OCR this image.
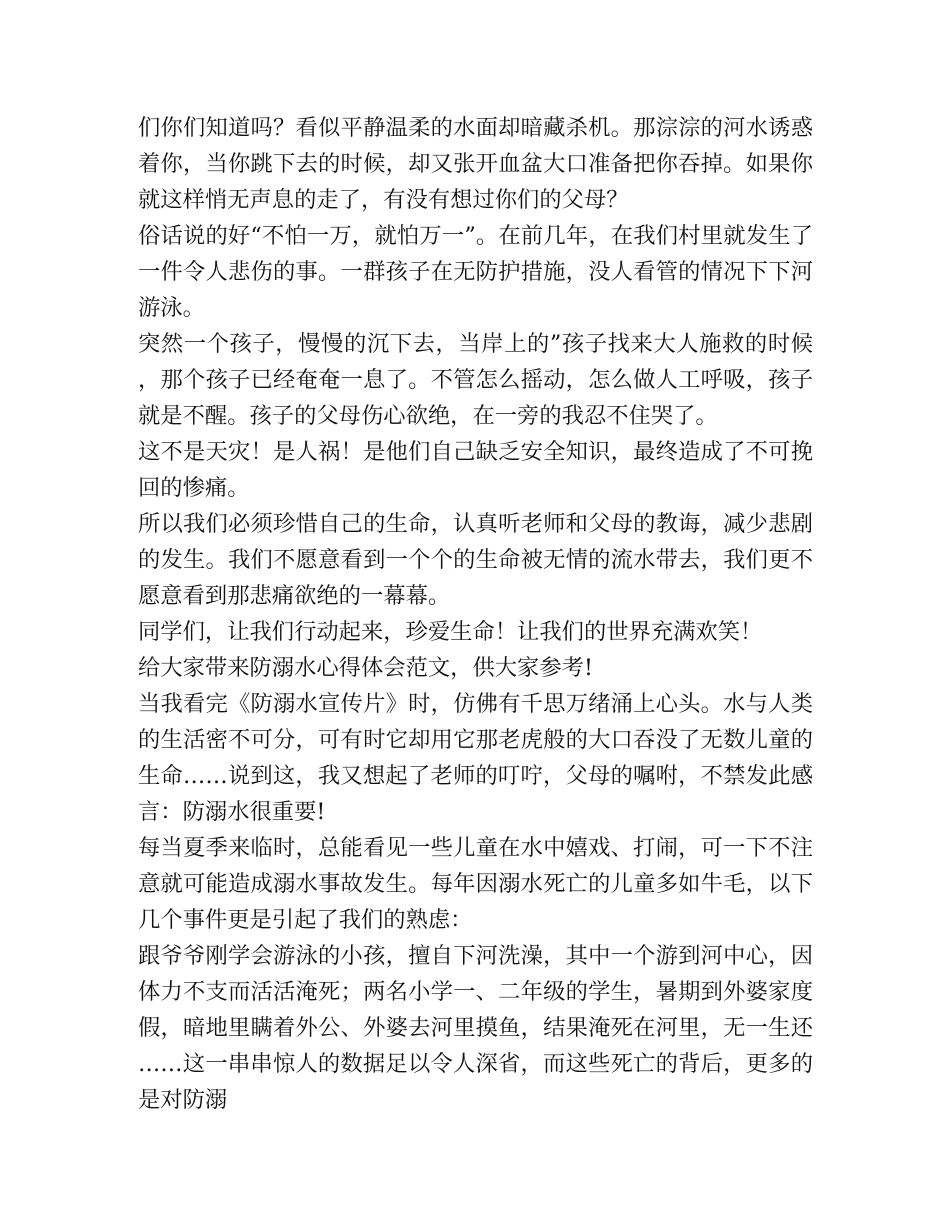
们你们知道吗？看似平静温柔的水面却暗藏杀机。那淙淙的河水诱惑着你，当你跳下去的时候，却又张开血盆大口准备把你吞掉。如果你就这样悄无声息的走了，有没有想过你们的父母？

俗话说的好“不怕一万，就怕万一”。在前几年，在我们村里就发生了一件令人悲伤的事。一群孩子在无防护措施，没人看管的情况下下河游泳。

突然一个孩子，慢慢的沉下去，当岸上的”孩子找来大人施救的时候，那个孩子已经奄奄一息了。不管怎么摇动，怎么做人工呼吸，孩子就是不醒。孩子的父母伤心欲绝，在一旁的我忍不住哭了。

这不是天灾！是人祸！是他们自己缺乏安全知识，最终造成了不可挽回的惨痛。

所以我们必须珍惜自己的生命，认真听老师和父母的教诲，减少悲剧的发生。我们不愿意看到一个个的生命被无情的流水带去，我们更不愿意看到那悲痛欲绝的一幕幕。

同学们，让我们行动起来，珍爱生命！让我们的世界充满欢笑！

给大家带来防溺水心得体会范文，供大家参考!

当我看完《防溺水宣传片》时，仿佛有千思万绪涌上心头。水与人类的生活密不可分，可有时它却用它那老虎般的大口吞没了无数儿童的生命……说到这，我又想起了老师的叮咛，父母的嘱咐，不禁发此感言：防溺水很重要!

每当夏季来临时，总能看见一些儿童在水中嬉戏、打闹，可一下不注意就可能造成溺水事故发生。每年因溺水死亡的儿童多如牛毛，以下几个事件更是引起了我们的熟虑：

跟爷爷刚学会游泳的小孩，擅自下河洗澡，其中一个游到河中心，因体力不支而活活淹死；两名小学一、二年级的学生，暑期到外婆家度假，暗地里瞒着外公、外婆去河里摸鱼，结果淹死在河里，无一生还……这一串串惊人的数据足以令人深省，而这些死亡的背后，更多的是对防溺
